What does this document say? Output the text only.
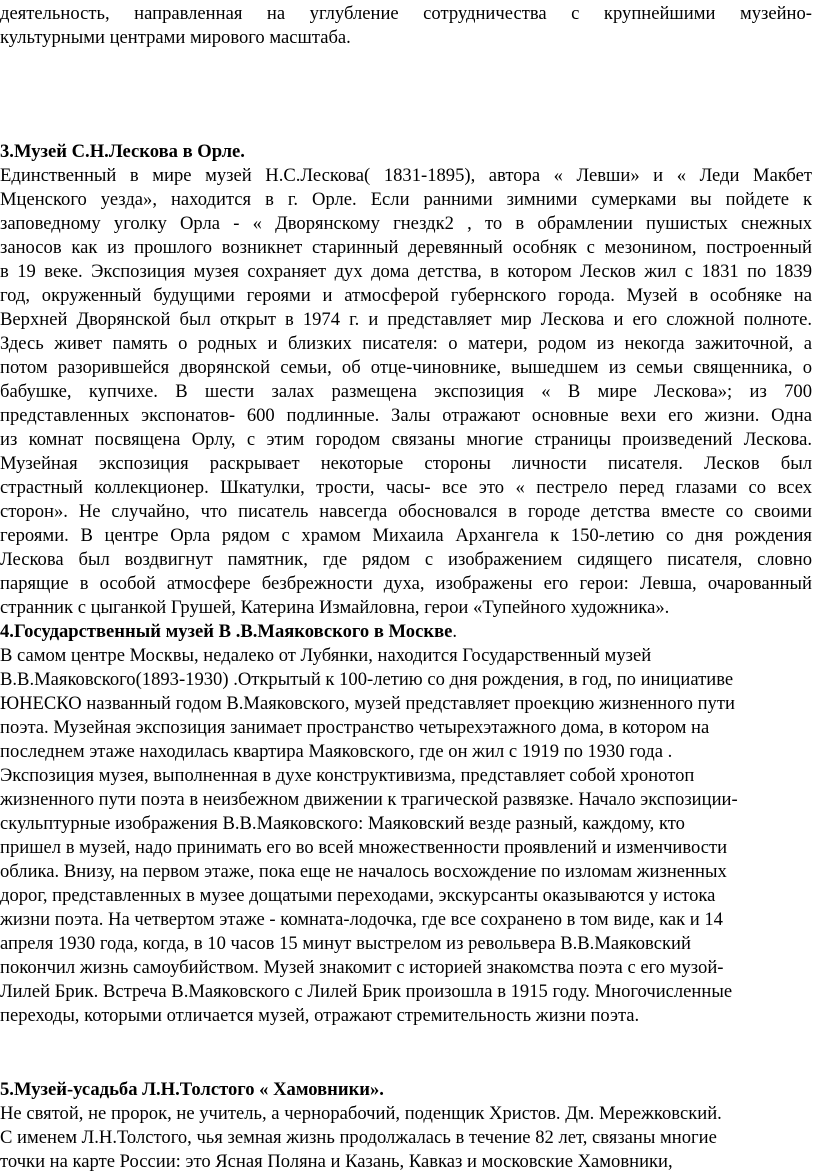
деятельность, направленная на углубление сотрудничества с крупнейшими музейно-
культурными центрами мирового масштаба.
3.Музей С.Н.Лескова в Орле.
Единственный в мире музей Н.С.Лескова( 1831-1895), автора « Левши» и « Леди Макбет
Мценского уезда», находится в г. Орле. Если ранними зимними сумерками вы пойдете к
заповедному уголку Орла - « Дворянскому гнездк2 , то в обрамлении пушистых снежных
заносов как из прошлого возникнет старинный деревянный особняк с мезонином, построенный
в 19 веке. Экспозиция музея сохраняет дух дома детства, в котором Лесков жил с 1831 по 1839
год, окруженный будущими героями и атмосферой губернского города. Музей в особняке на
Верхней Дворянской был открыт в 1974 г. и представляет мир Лескова и его сложной полноте.
Здесь живет память о родных и близких писателя: о матери, родом из некогда зажиточной, а
потом разорившейся дворянской семьи, об отце-чиновнике, вышедшем из семьи священника, о
бабушке, купчихе. В шести залах размещена экспозиция « В мире Лескова»; из 700
представленных экспонатов- 600 подлинные. Залы отражают основные вехи его жизни. Одна
из комнат посвящена Орлу, с этим городом связаны многие страницы произведений Лескова.
Музейная экспозиция раскрывает некоторые стороны личности писателя. Лесков был
страстный коллекционер. Шкатулки, трости, часы- все это « пестрело перед глазами со всех
сторон». Не случайно, что писатель навсегда обосновался в городе детства вместе со своими
героями. В центре Орла рядом с храмом Михаила Архангела к 150-летию со дня рождения
Лескова был воздвигнут памятник, где рядом с изображением сидящего писателя, словно
парящие в особой атмосфере безбрежности духа, изображены его герои: Левша, очарованный
странник с цыганкой Грушей, Катерина Измайловна, герои «Тупейного художника».
4.Государственный музей В .В.Маяковского в Москве.
В самом центре Москвы, недалеко от Лубянки, находится Государственный музей
В.В.Маяковского(1893-1930) .Открытый к 100-летию со дня рождения, в год, по инициативе
ЮНЕСКО названный годом В.Маяковского, музей представляет проекцию жизненного пути
поэта. Музейная экспозиция занимает пространство четырехэтажного дома, в котором на
последнем этаже находилась квартира Маяковского, где он жил с 1919 по 1930 года .
Экспозиция музея, выполненная в духе конструктивизма, представляет собой хронотоп
жизненного пути поэта в неизбежном движении к трагической развязке. Начало экспозиции-
скульптурные изображения В.В.Маяковского: Маяковский везде разный, каждому, кто
пришел в музей, надо принимать его во всей множественности проявлений и изменчивости
облика. Внизу, на первом этаже, пока еще не началось восхождение по изломам жизненных
дорог, представленных в музее дощатыми переходами, экскурсанты оказываются у истока
жизни поэта. На четвертом этаже - комната-лодочка, где все сохранено в том виде, как и 14
апреля 1930 года, когда, в 10 часов 15 минут выстрелом из револьвера В.В.Маяковский
покончил жизнь самоубийством. Музей знакомит с историей знакомства поэта с его музой-
Лилей Брик. Встреча В.Маяковского с Лилей Брик произошла в 1915 году. Многочисленные
переходы, которыми отличается музей, отражают стремительность жизни поэта.
5.Музей-усадьба Л.Н.Толстого « Хамовники».
Не святой, не пророк, не учитель, а чернорабочий, поденщик Христов. Дм. Мережковский.
С именем Л.Н.Толстого, чья земная жизнь продолжалась в течение 82 лет, связаны многие
точки на карте России: это Ясная Поляна и Казань, Кавказ и московские Хамовники,
